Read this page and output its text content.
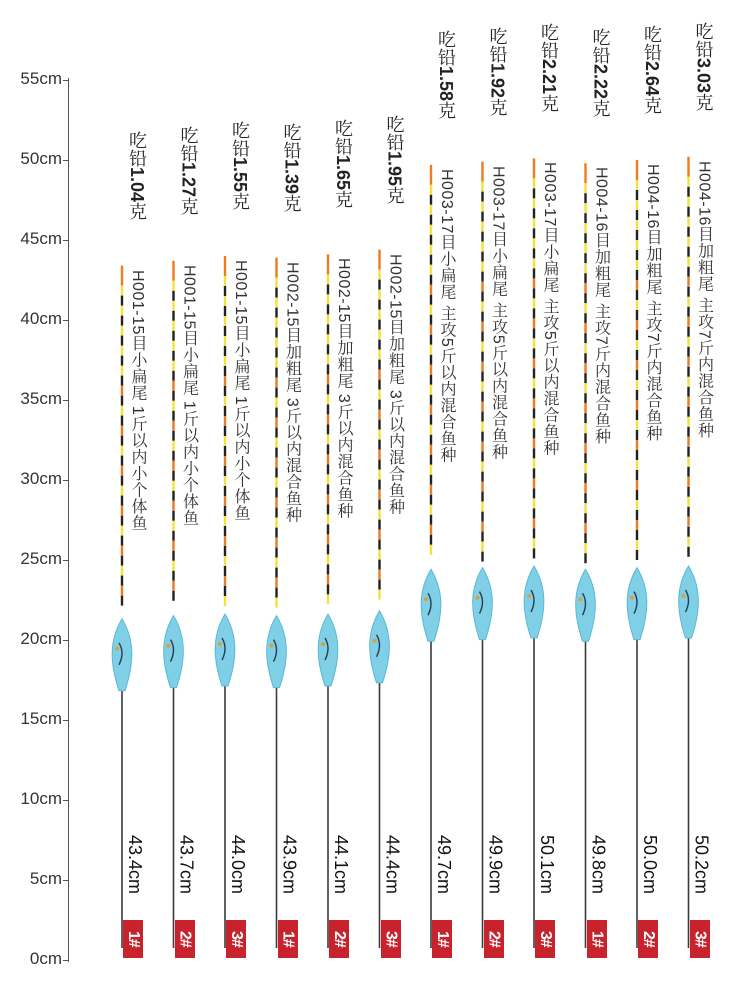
0cm
5cm
10cm
15cm
20cm
25cm
30cm
35cm
40cm
45cm
50cm
55cm
吃铅1.04克
H001-15目小扁尾 1斤以内小个体鱼
43.4cm
1#
吃铅1.27克
H001-15目小扁尾 1斤以内小个体鱼
43.7cm
2#
吃铅1.55克
H001-15目小扁尾 1斤以内小个体鱼
44.0cm
3#
吃铅1.39克
H002-15目加粗尾 3斤以内混合鱼种
43.9cm
1#
吃铅1.65克
H002-15目加粗尾 3斤以内混合鱼种
44.1cm
2#
吃铅1.95克
H002-15目加粗尾 3斤以内混合鱼种
44.4cm
3#
吃铅1.58克
H003-17目小扁尾 主攻5斤以内混合鱼种
49.7cm
1#
吃铅1.92克
H003-17目小扁尾 主攻5斤以内混合鱼种
49.9cm
2#
吃铅2.21克
H003-17目小扁尾 主攻5斤以内混合鱼种
50.1cm
3#
吃铅2.22克
H004-16目加粗尾 主攻7斤内混合鱼种
49.8cm
1#
吃铅2.64克
H004-16目加粗尾 主攻7斤内混合鱼种
50.0cm
2#
吃铅3.03克
H004-16目加粗尾 主攻7斤内混合鱼种
50.2cm
3#
